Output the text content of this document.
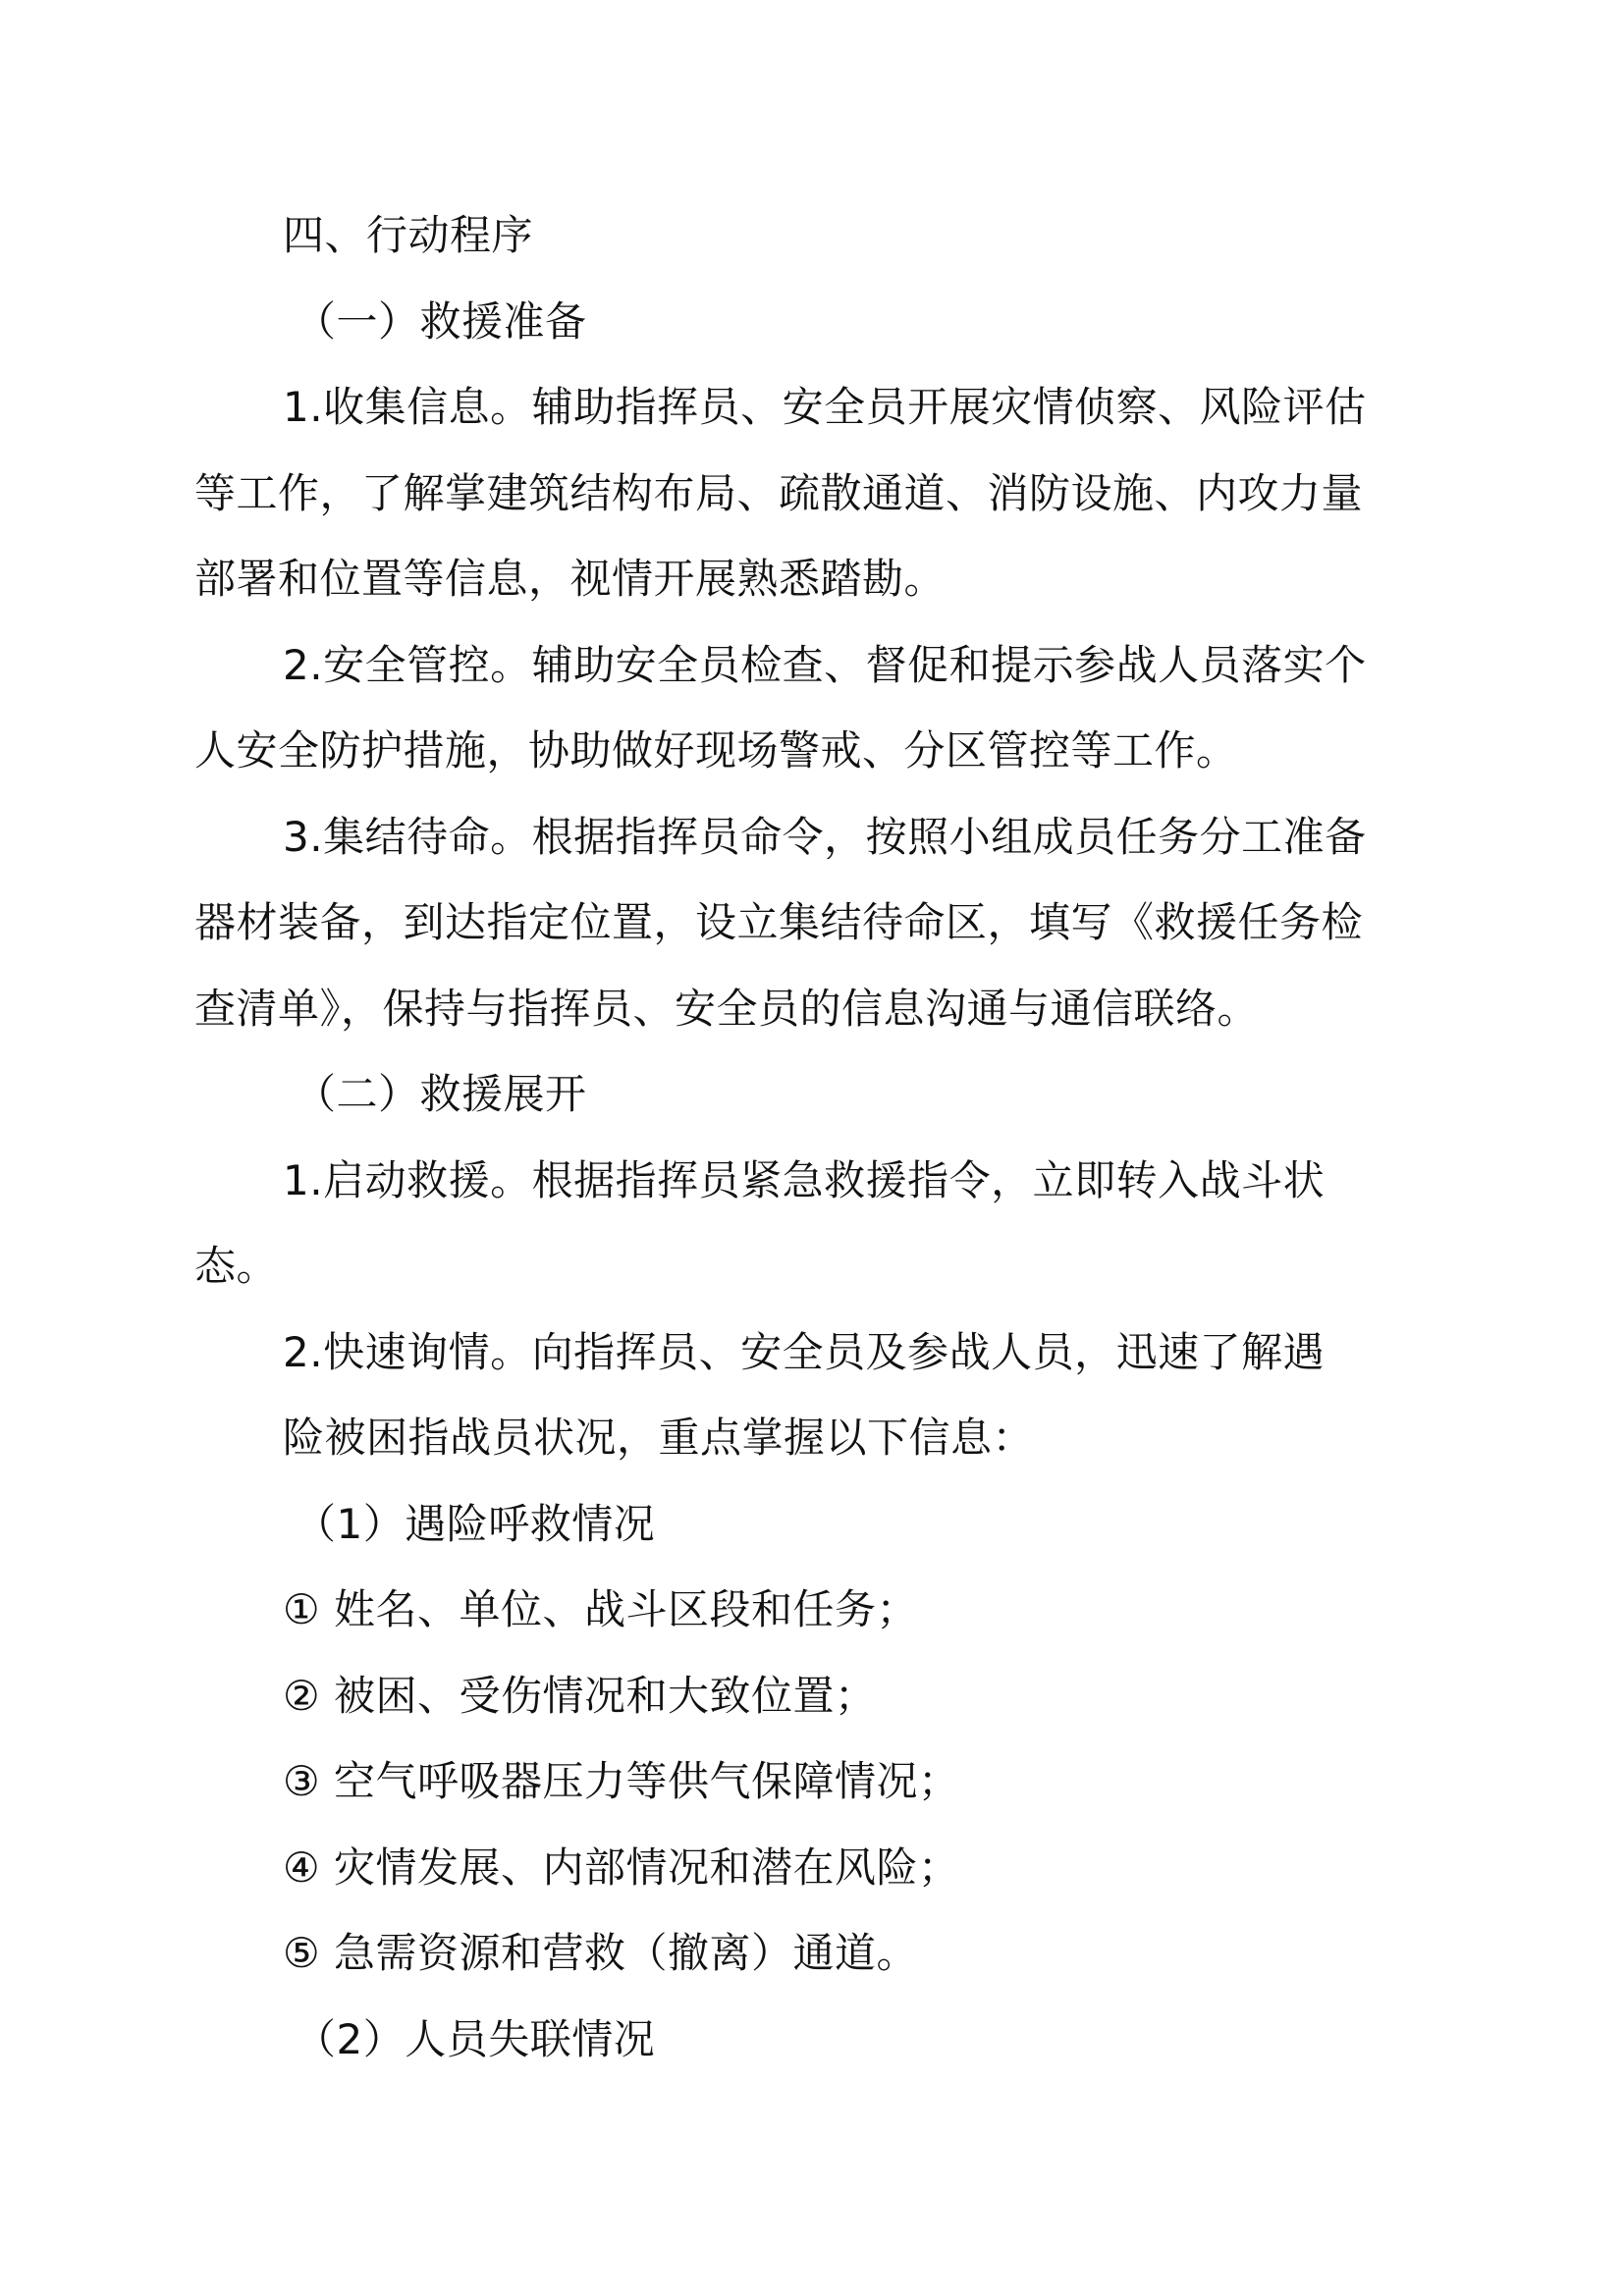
四、行动程序
（一）救援准备
1.收集信息。辅助指挥员、安全员开展灾情侦察、风险评估
等工作，了解掌建筑结构布局、疏散通道、消防设施、内攻力量
部署和位置等信息，视情开展熟悉踏勘。
2.安全管控。辅助安全员检查、督促和提示参战人员落实个
人安全防护措施，协助做好现场警戒、分区管控等工作。
3.集结待命。根据指挥员命令，按照小组成员任务分工准备
器材装备，到达指定位置，设立集结待命区，填写《救援任务检
查清单》，保持与指挥员、安全员的信息沟通与通信联络。
（二）救援展开
1.启动救援。根据指挥员紧急救援指令，立即转入战斗状
态。
2.快速询情。向指挥员、安全员及参战人员，迅速了解遇
险被困指战员状况，重点掌握以下信息：
（1）遇险呼救情况
① 姓名、单位、战斗区段和任务；
② 被困、受伤情况和大致位置；
③ 空气呼吸器压力等供气保障情况；
④ 灾情发展、内部情况和潜在风险；
⑤ 急需资源和营救（撤离）通道。
（2）人员失联情况
